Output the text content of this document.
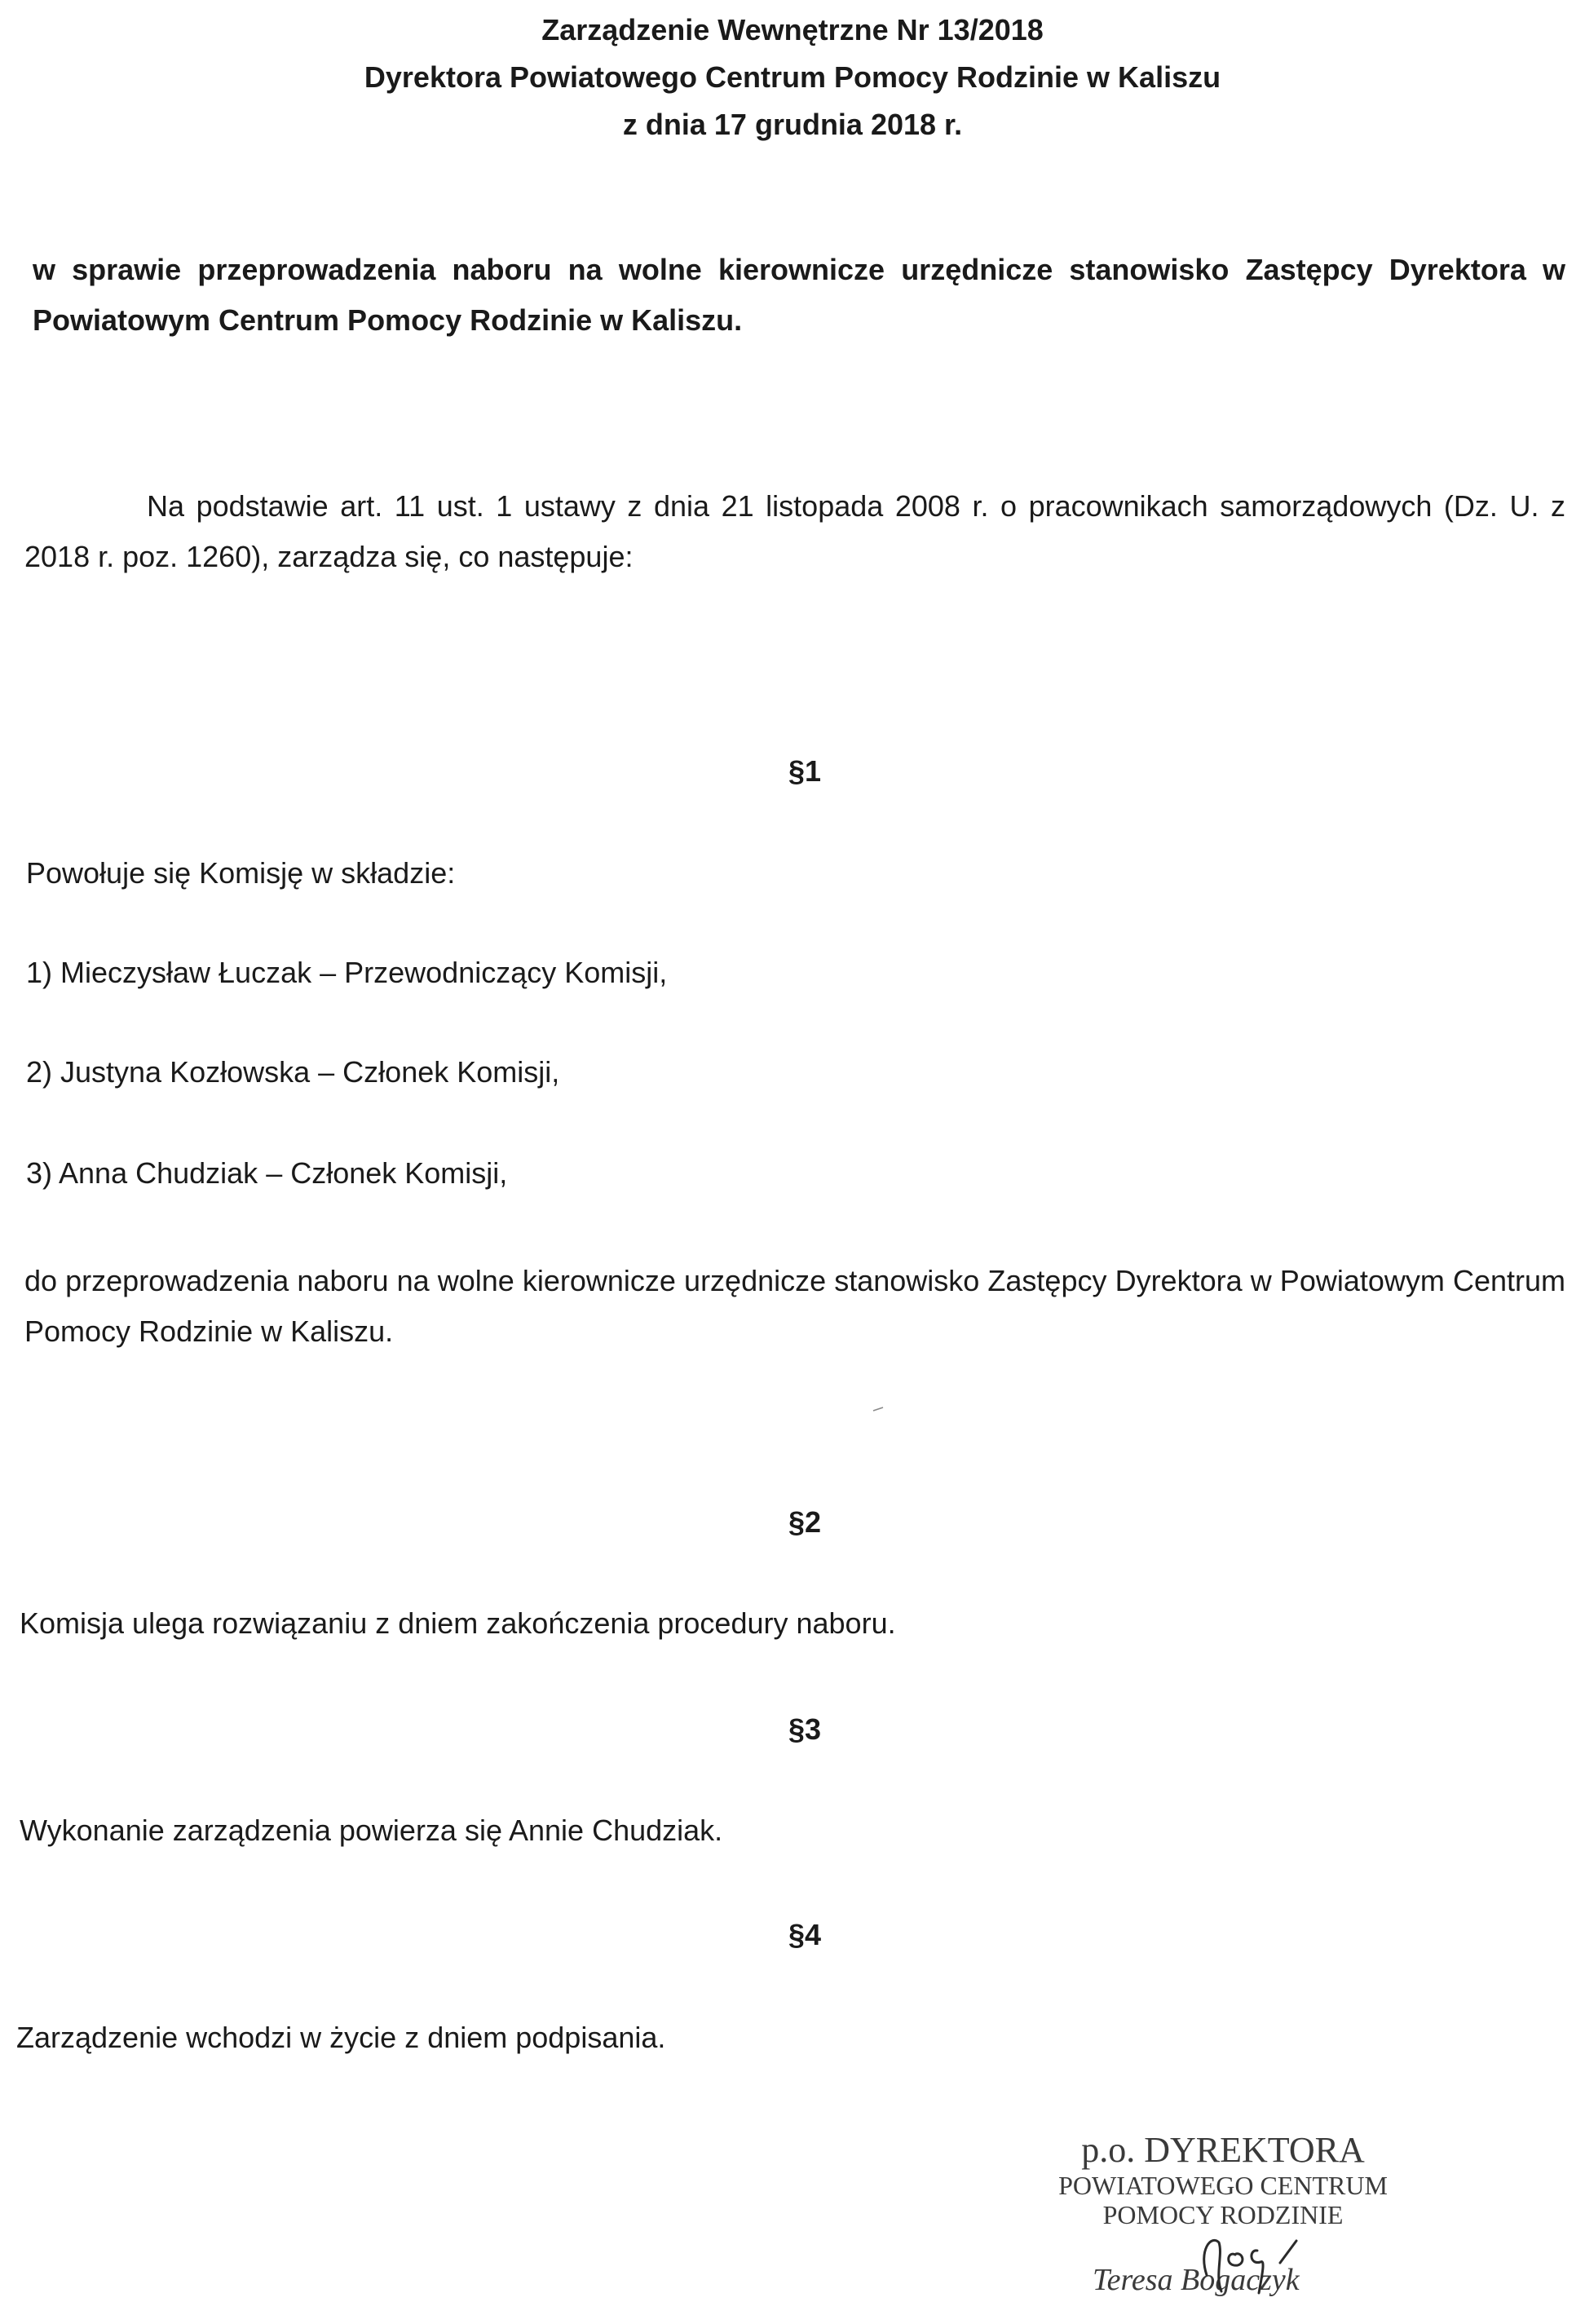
Zarządzenie Wewnętrzne Nr 13/2018
Dyrektora Powiatowego Centrum Pomocy Rodzinie w Kaliszu
z dnia 17 grudnia 2018 r.
w sprawie przeprowadzenia naboru na wolne kierownicze urzędnicze stanowisko Zastępcy Dyrektora w Powiatowym Centrum Pomocy Rodzinie w Kaliszu.
Na podstawie art. 11 ust. 1 ustawy z dnia 21 listopada 2008 r. o pracownikach samorządowych (Dz. U. z 2018 r. poz. 1260), zarządza się, co następuje:
§1
Powołuje się Komisję w składzie:
1) Mieczysław Łuczak – Przewodniczący Komisji,
2) Justyna Kozłowska – Członek Komisji,
3) Anna Chudziak – Członek Komisji,
do przeprowadzenia naboru na wolne kierownicze urzędnicze stanowisko Zastępcy Dyrektora w Powiatowym Centrum Pomocy Rodzinie w Kaliszu.
§2
Komisja ulega rozwiązaniu z dniem zakończenia procedury naboru.
§3
Wykonanie zarządzenia powierza się Annie Chudziak.
§4
Zarządzenie wchodzi w życie z dniem podpisania.
p.o. DYREKTORA
POWIATOWEGO CENTRUM
POMOCY RODZINIE
Teresa Bogaczyk
